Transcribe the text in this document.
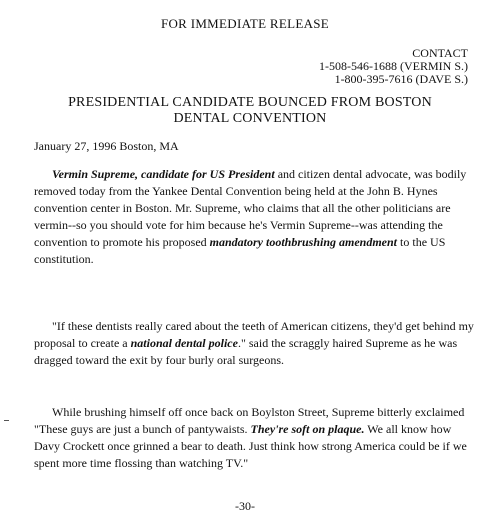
FOR IMMEDIATE RELEASE
CONTACT
1-508-546-1688 (VERMIN S.)
1-800-395-7616 (DAVE S.)
PRESIDENTIAL CANDIDATE BOUNCED FROM BOSTON
DENTAL CONVENTION
January 27, 1996 Boston, MA

Vermin Supreme, candidate for US President and citizen dental advocate, was bodily removed today from the Yankee Dental Convention being held at the John B. Hynes convention center in Boston. Mr. Supreme, who claims that all the other politicians are vermin--so you should vote for him because he's Vermin Supreme--was attending the convention to promote his proposed mandatory toothbrushing amendment to the US constitution.

"If these dentists really cared about the teeth of American citizens, they'd get behind my proposal to create a national dental police." said the scraggly haired Supreme as he was dragged toward the exit by four burly oral surgeons.

While brushing himself off once back on Boylston Street, Supreme bitterly exclaimed "These guys are just a bunch of pantywaists. They're soft on plaque. We all know how Davy Crockett once grinned a bear to death. Just think how strong America could be if we spent more time flossing than watching TV."

-30-
